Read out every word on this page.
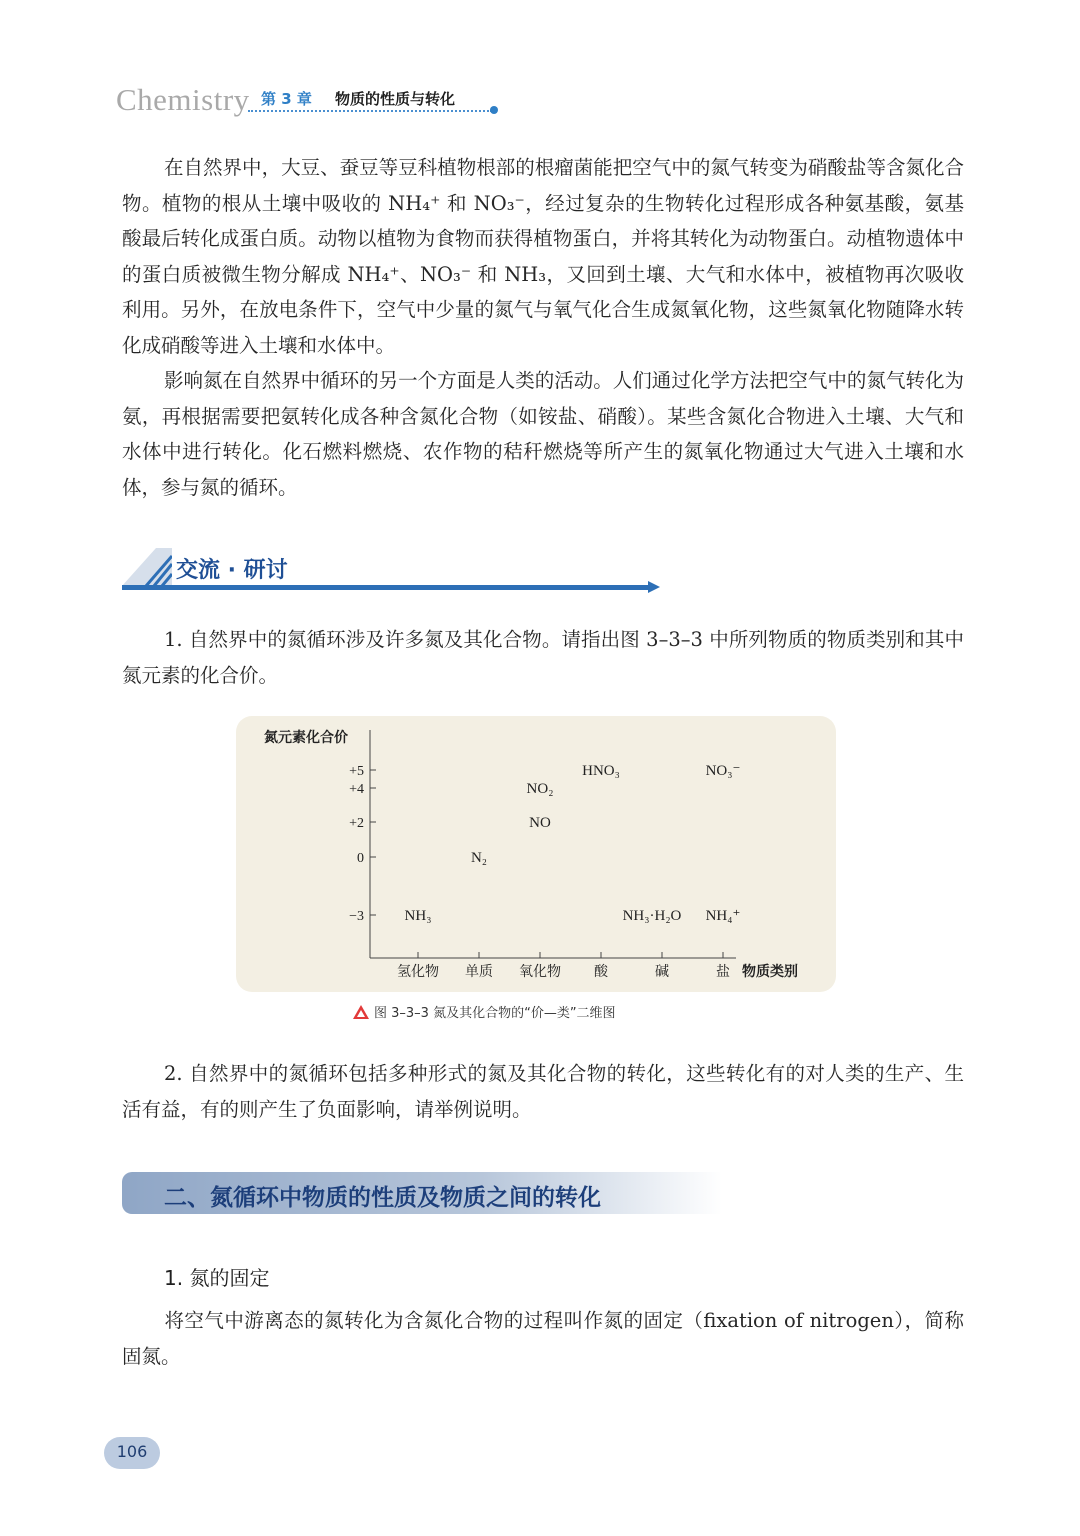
Chemistry 第 3 章 物质的性质与转化

在自然界中，大豆、蚕豆等豆科植物根部的根瘤菌能把空气中的氮气转变为硝酸盐等含氮化合物。植物的根从土壤中吸收的 NH₄⁺ 和 NO₃⁻，经过复杂的生物转化过程形成各种氨基酸，氨基酸最后转化成蛋白质。动物以植物为食物而获得植物蛋白，并将其转化为动物蛋白。动植物遗体中的蛋白质被微生物分解成 NH₄⁺、NO₃⁻ 和 NH₃，又回到土壤、大气和水体中，被植物再次吸收利用。另外，在放电条件下，空气中少量的氮气与氧气化合生成氮氧化物，这些氮氧化物随降水转化成硝酸等进入土壤和水体中。

影响氮在自然界中循环的另一个方面是人类的活动。人们通过化学方法把空气中的氮气转化为氨，再根据需要把氨转化成各种含氮化合物（如铵盐、硝酸）。某些含氮化合物进入土壤、大气和水体中进行转化。化石燃料燃烧、农作物的秸秆燃烧等所产生的氮氧化物通过大气进入土壤和水体，参与氮的循环。

交流 · 研讨

1. 自然界中的氮循环涉及许多氮及其化合物。请指出图 3–3–3 中所列物质的物质类别和其中氮元素的化合价。

氮元素化合价
物质类别
+5
+4
+2
0
−3
氢化物 单质 氧化物 酸	碱	盐
NH₃
N₂
NO₂
NO
HNO₃
NH₃·H₂O
NO₃⁻
NH₄⁺
图 3–3–3 氮及其化合物的“价—类”二维图

2. 自然界中的氮循环包括多种形式的氮及其化合物的转化，这些转化有的对人类的生产、生活有益，有的则产生了负面影响，请举例说明。

二、氮循环中物质的性质及物质之间的转化
1. 氮的固定

将空气中游离态的氮转化为含氮化合物的过程叫作氮的固定（fixation of nitrogen），简称固氮。

106
